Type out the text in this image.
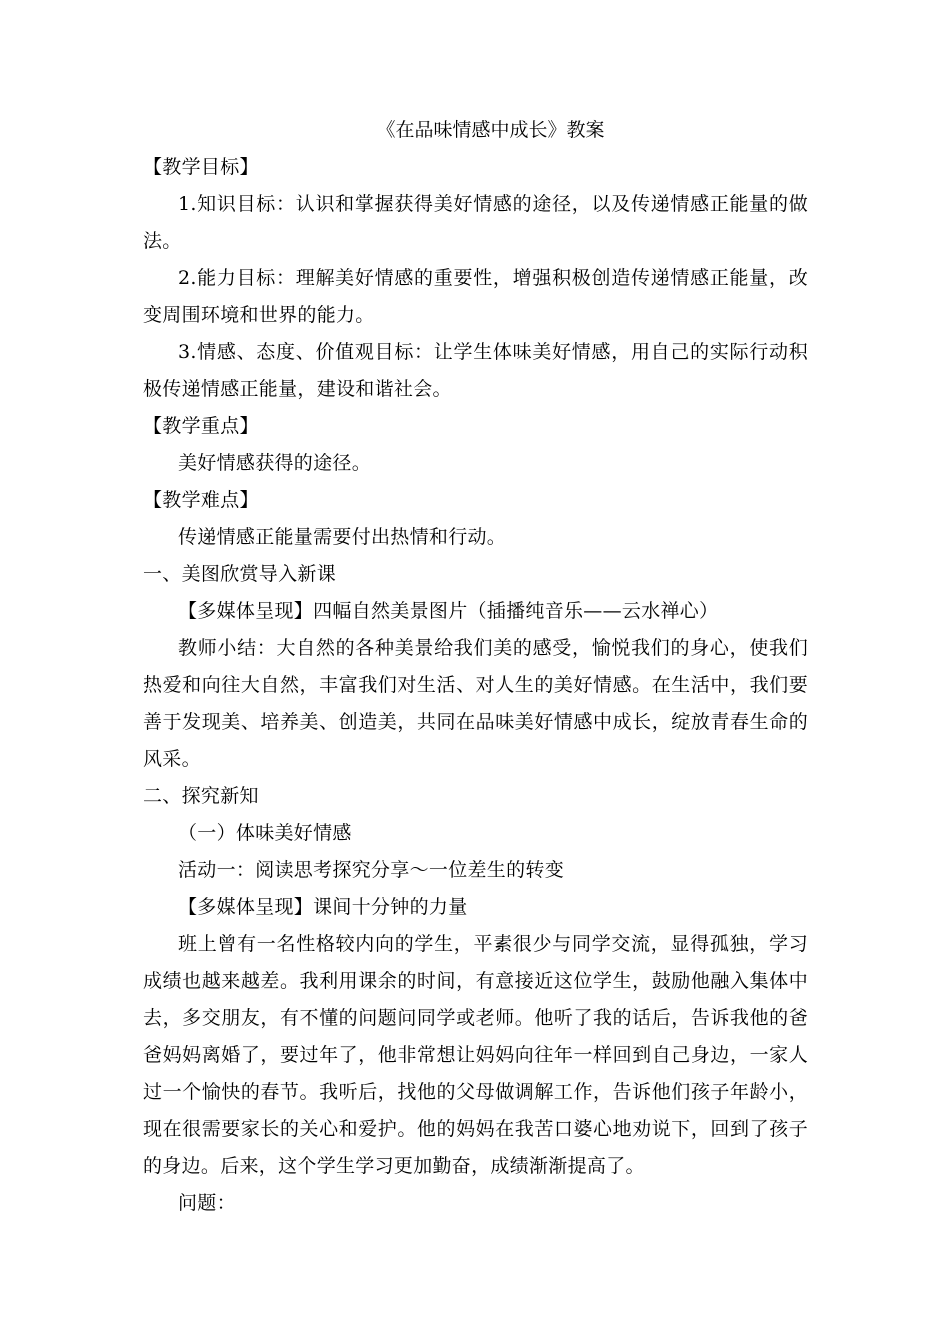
《在品味情感中成长》教案

【教学目标】

1.知识目标：认识和掌握获得美好情感的途径，以及传递情感正能量的做法。

2.能力目标：理解美好情感的重要性，增强积极创造传递情感正能量，改变周围环境和世界的能力。

3.情感、态度、价值观目标：让学生体味美好情感，用自己的实际行动积极传递情感正能量，建设和谐社会。

【教学重点】

美好情感获得的途径。

【教学难点】

传递情感正能量需要付出热情和行动。

一、美图欣赏导入新课

【多媒体呈现】四幅自然美景图片（插播纯音乐——云水禅心）

教师小结：大自然的各种美景给我们美的感受，愉悦我们的身心，使我们热爱和向往大自然，丰富我们对生活、对人生的美好情感。在生活中，我们要善于发现美、培养美、创造美，共同在品味美好情感中成长，绽放青春生命的风采。

二、探究新知

（一）体味美好情感

活动一：阅读思考探究分享～一位差生的转变

【多媒体呈现】课间十分钟的力量

班上曾有一名性格较内向的学生，平素很少与同学交流，显得孤独，学习成绩也越来越差。我利用课余的时间，有意接近这位学生，鼓励他融入集体中去，多交朋友，有不懂的问题问同学或老师。他听了我的话后，告诉我他的爸爸妈妈离婚了，要过年了，他非常想让妈妈向往年一样回到自己身边，一家人过一个愉快的春节。我听后，找他的父母做调解工作，告诉他们孩子年龄小，现在很需要家长的关心和爱护。他的妈妈在我苦口婆心地劝说下，回到了孩子的身边。后来，这个学生学习更加勤奋，成绩渐渐提高了。

问题：
